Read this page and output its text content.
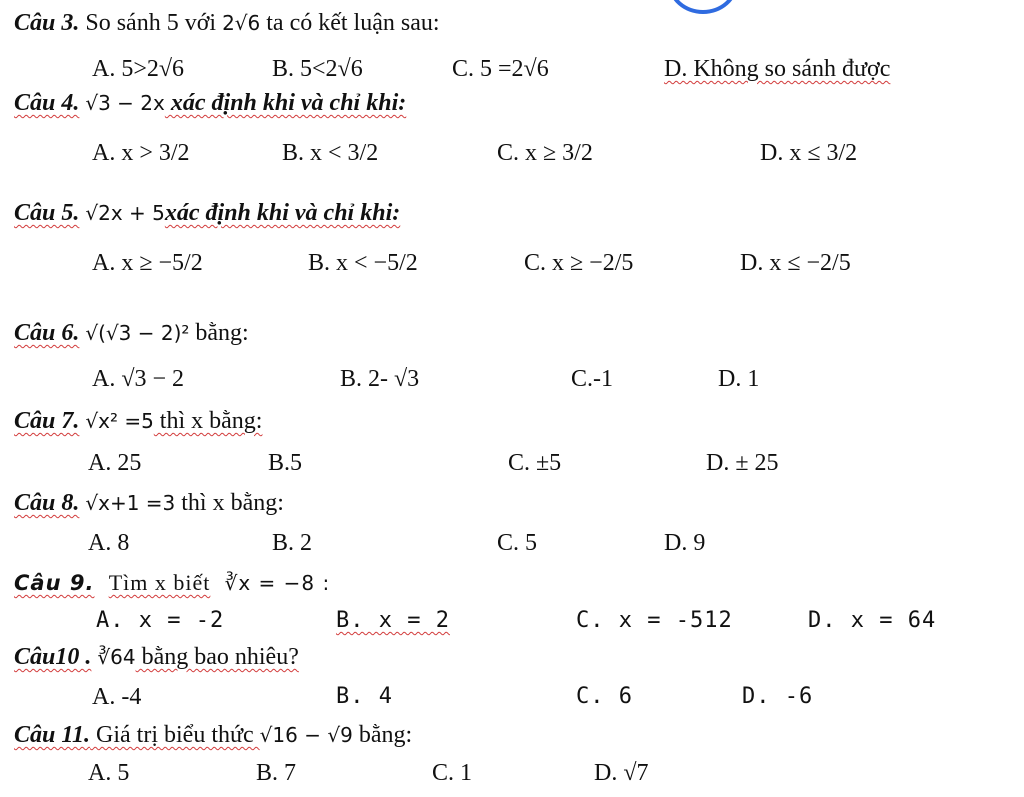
Câu 3. So sánh 5 với 2√6 ta có kết luận sau:
A. 5>2√6	B. 5<2√6	C. 5 =2√6	D. Không so sánh được
Câu 4. √3 − 2x xác định khi và chỉ khi:
A. x > 3/2	B. x < 3/2	C. x ≥ 3/2	D. x ≤ 3/2
Câu 5. √2x + 5xác định khi và chỉ khi:
A. x ≥ −5/2	B. x < −5/2	C. x ≥ −2/5	D. x ≤ −2/5
Câu 6. √(√3 − 2)² bằng:
A. √3 − 2	B. 2- √3	C.-1	D. 1
Câu 7. √x² =5 thì x bằng:
A. 25	B.5	C. ±5	D. ± 25
Câu 8. √x+1 =3 thì x bằng:
A. 8	B. 2	C. 5	D. 9
Câu 9. Tìm x biết ∛x = −8 :
A. x = -2	B. x = 2	C. x = -512	D. x = 64
Câu10 . ∛64 bằng bao nhiêu?
A. -4	B. 4	C. 6	D. -6
Câu 11. Giá trị biểu thức √16 − √9 bằng:
A. 5	B. 7	C. 1	D. √7
